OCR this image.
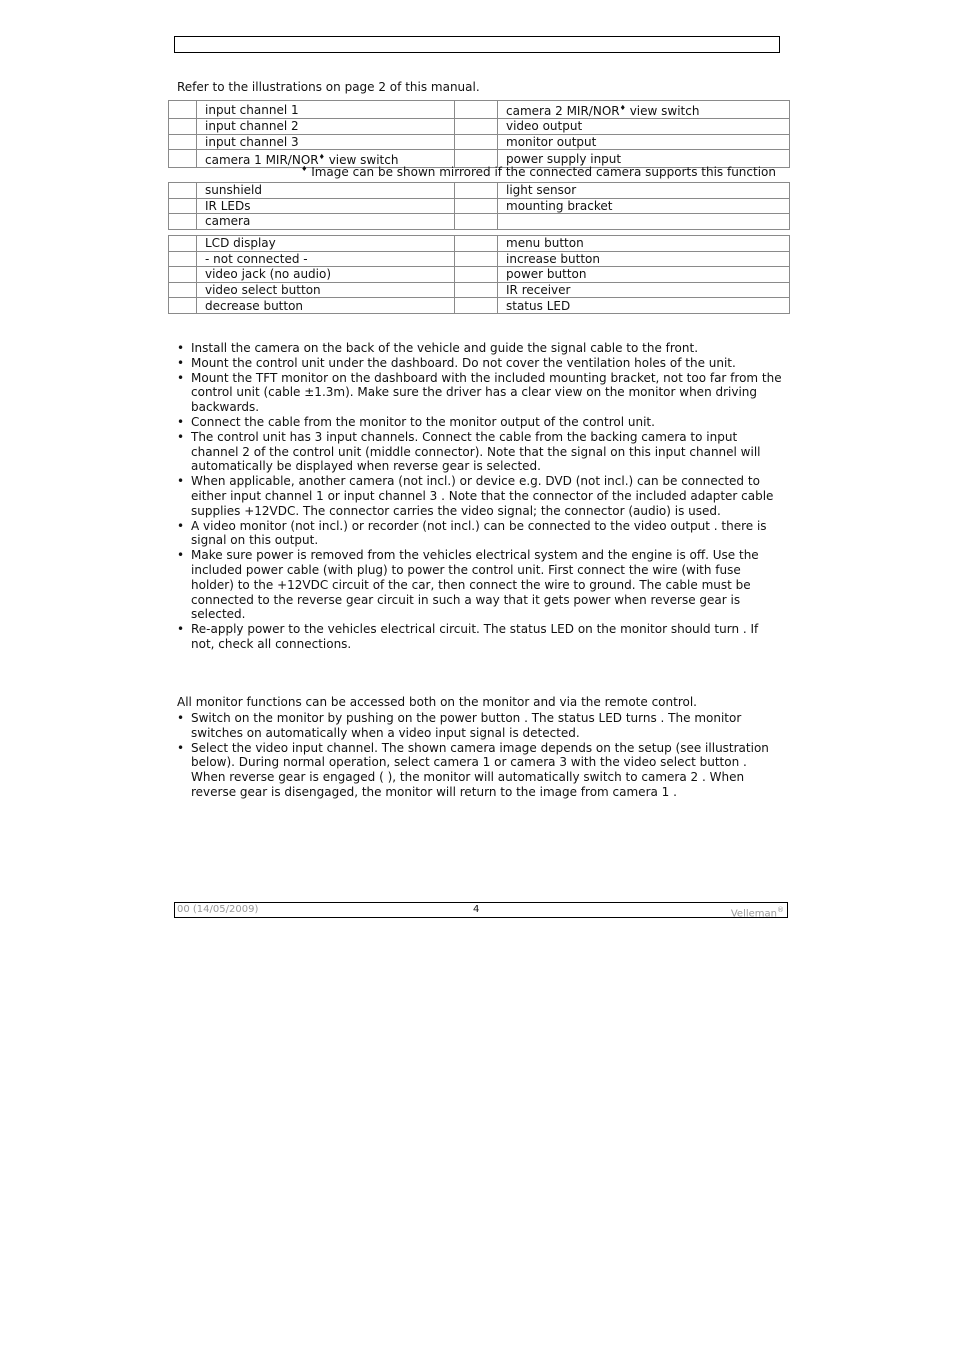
Refer to the illustrations on page 2 of this manual.

	input channel 1		camera 2 MIR/NOR♦ view switch
	input channel 2		video output
	input channel 3		monitor output
	camera 1 MIR/NOR♦ view switch		power supply input

♦ Image can be shown mirrored if the connected camera supports this function

	sunshield		light sensor
	IR LEDs		mounting bracket
	camera		
	LCD display		menu button
	- not connected -		increase button
	video jack (no audio)		power button
	video select button		IR receiver
	decrease button		status LED
• Install the camera on the back of the vehicle and guide the signal cable to the front.
• Mount the control unit under the dashboard. Do not cover the ventilation holes of the unit.
• Mount the TFT monitor on the dashboard with the included mounting bracket, not too far from the control unit (cable ±1.3m). Make sure the driver has a clear view on the monitor when driving backwards.
• Connect the cable from the monitor to the monitor output of the control unit.
• The control unit has 3 input channels. Connect the cable from the backing camera to input channel 2 of the control unit (middle connector). Note that the signal on this input channel will automatically be displayed when reverse gear is selected.
• When applicable, another camera (not incl.) or device e.g. DVD (not incl.) can be connected to either input channel 1 or input channel 3 . Note that the connector of the included adapter cable supplies +12VDC. The connector carries the video signal; the connector (audio) is used.
• A video monitor (not incl.) or recorder (not incl.) can be connected to the video output . there is signal on this output.
• Make sure power is removed from the vehicles electrical system and the engine is off. Use the included power cable (with plug) to power the control unit. First connect the wire (with fuse holder) to the +12VDC circuit of the car, then connect the wire to ground. The cable must be connected to the reverse gear circuit in such a way that it gets power when reverse gear is selected.
• Re-apply power to the vehicles electrical circuit. The status LED on the monitor should turn . If not, check all connections.

All monitor functions can be accessed both on the monitor and via the remote control.

• Switch on the monitor by pushing on the power button . The status LED turns . The monitor switches on automatically when a video input signal is detected.
• Select the video input channel. The shown camera image depends on the setup (see illustration below). During normal operation, select camera 1 or camera 3 with the video select button . When reverse gear is engaged ( ), the monitor will automatically switch to camera 2 . When reverse gear is disengaged, the monitor will return to the image from camera 1 .
00 (14/05/2009)	4	Velleman®
